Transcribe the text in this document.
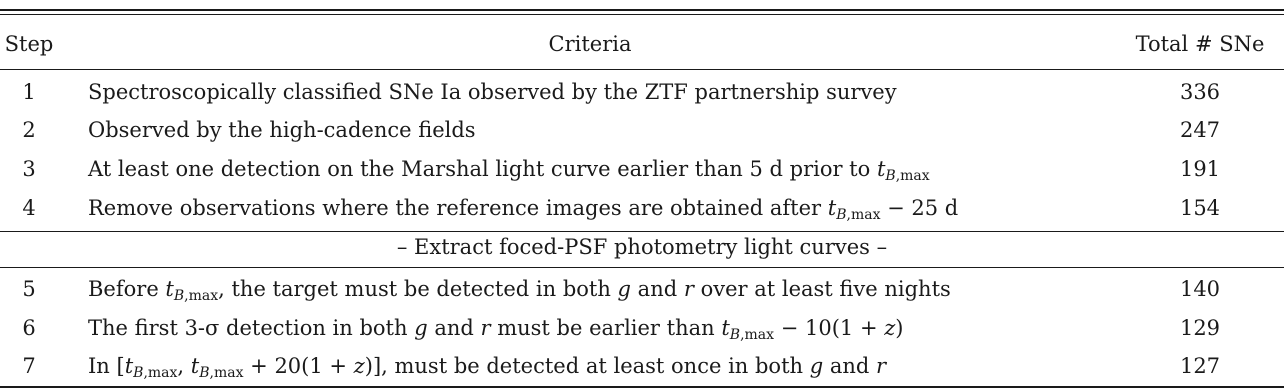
Step	Criteria	Total # SNe
1	Spectroscopically classified SNe Ia observed by the ZTF partnership survey	336
2	Observed by the high-cadence fields	247
3	At least one detection on the Marshal light curve earlier than 5 d prior to $t_{B,max}$	191
4	Remove observations where the reference images are obtained after $t_{B,max} - 25$ d	154
– Extract foced-PSF photometry light curves –
5	Before $t_{B,max}$, the target must be detected in both g and r over at least five nights	140
6	The first 3-σ detection in both g and r must be earlier than $t_{B,max} - 10(1 + z)$	129
7	In [$t_{B,max}$, $t_{B,max} + 20(1 + z)$], must be detected at least once in both g and r	127
